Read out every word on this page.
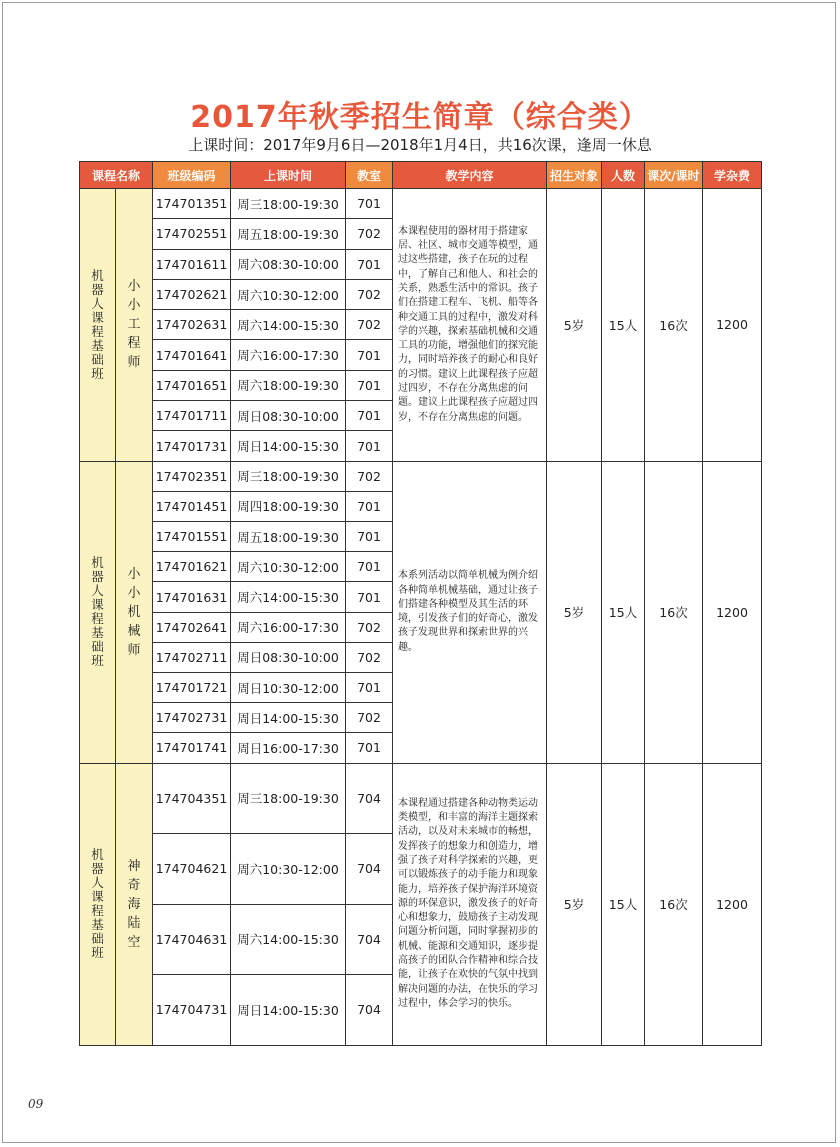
2017年秋季招生简章（综合类）
上课时间：2017年9月6日—2018年1月4日，共16次课，逢周一休息
课程名称		班级编码	上课时间	教室	教学内容	招生对象	人数	课次/课时	学杂费
机器人课程基础班	小小工程师	174701351	周三18:00-19:30	701	本课程使用的器材用于搭建家居、社区、城市交通等模型，通过这些搭建，孩子在玩的过程中，了解自己和他人、和社会的关系，熟悉生活中的常识。孩子们在搭建工程车、飞机、船等各种交通工具的过程中，激发对科学的兴趣，探索基础机械和交通工具的功能，增强他们的探究能力，同时培养孩子的耐心和良好的习惯。建议上此课程孩子应超过四岁，不存在分离焦虑的问题。建议上此课程孩子应超过四岁，不存在分离焦虑的问题。	5岁	15人	16次	1200
		174702551	周五18:00-19:30	702					
		174701611	周六08:30-10:00	701					
		174702621	周六10:30-12:00	702					
		174702631	周六14:00-15:30	702					
		174701641	周六16:00-17:30	701					
		174701651	周六18:00-19:30	701					
		174701711	周日08:30-10:00	701					
		174701731	周日14:00-15:30	701					
机器人课程基础班	小小机械师	174702351	周三18:00-19:30	702	本系列活动以简单机械为例介绍各种简单机械基础，通过让孩子们搭建各种模型及其生活的环境，引发孩子们的好奇心，激发孩子发现世界和探索世界的兴趣。	5岁	15人	16次	1200
		174701451	周四18:00-19:30	701					
		174701551	周五18:00-19:30	701					
		174701621	周六10:30-12:00	701					
		174701631	周六14:00-15:30	701					
		174702641	周六16:00-17:30	702					
		174702711	周日08:30-10:00	702					
		174701721	周日10:30-12:00	701					
		174702731	周日14:00-15:30	702					
		174701741	周日16:00-17:30	701					
机器人课程基础班	神奇海陆空	174704351	周三18:00-19:30	704	本课程通过搭建各种动物类运动类模型，和丰富的海洋主题探索活动，以及对未来城市的畅想，发挥孩子的想象力和创造力，增强了孩子对科学探索的兴趣，更可以锻炼孩子的动手能力和现象能力，培养孩子保护海洋环境资源的环保意识，激发孩子的好奇心和想象力，鼓励孩子主动发现问题分析问题，同时掌握初步的机械、能源和交通知识，逐步提高孩子的团队合作精神和综合技能，让孩子在欢快的气氛中找到解决问题的办法，在快乐的学习过程中，体会学习的快乐。	5岁	15人	16次	1200
		174704621	周六10:30-12:00	704					
		174704631	周六14:00-15:30	704					
		174704731	周日14:00-15:30	704					
09
